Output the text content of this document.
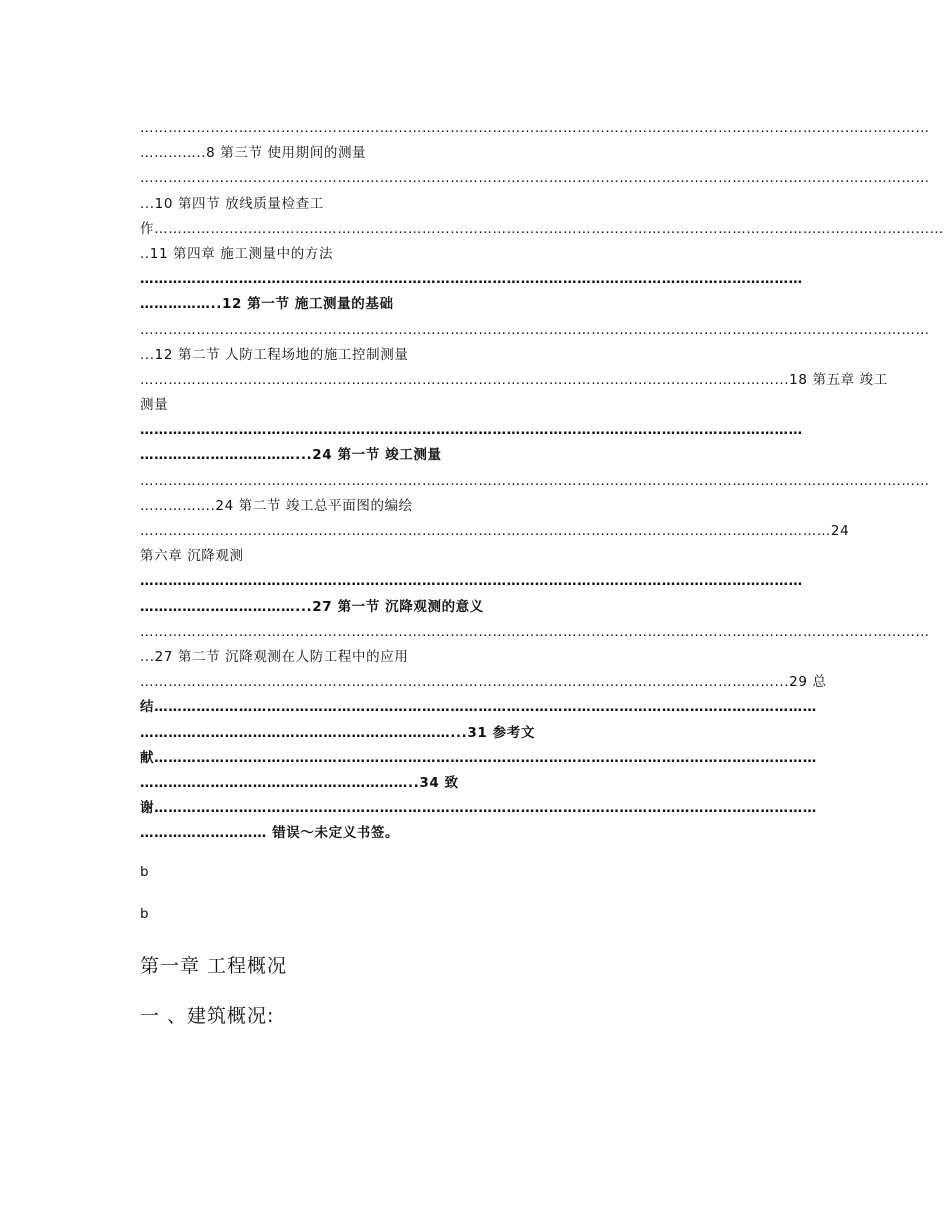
……………………………………………………………………………………………………………………………………………………
…………..8 第三节 使用期间的测量
……………………………………………………………………………………………………………………………………………………
...10 第四节 放线质量检查工
作……………………………………………………………………………………………………………………………………………………
..11 第四章 施工测量中的方法
……………………………………………………………………………………………………………………………
……………..12 第一节 施工测量的基础
……………………………………………………………………………………………………………………………………………………
...12 第二节 人防工程场地的施工控制测量
………………………………………………………………………………………………………………………...18 第五章 竣工
测量
……………………………………………………………………………………………………………………………
……………………………...24 第一节 竣工测量
……………………………………………………………………………………………………………………………………………………
…………….24 第二节 竣工总平面图的编绘
…………………………………………………………………………………………………………………………………24
第六章 沉降观测
……………………………………………………………………………………………………………………………
……………………………...27 第一节 沉降观测的意义
……………………………………………………………………………………………………………………………………………………
...27 第二节 沉降观测在人防工程中的应用
………………………………………………………………………………………………………………………...29 总
结……………………………………………………………………………………………………………………………
…………………………………………………………...31 参考文
献……………………………………………………………………………………………………………………………
…………………………………………………..34 致
谢……………………………………………………………………………………………………………………………
……………………… 错误～未定义书签。
b
b
第一章 工程概况
一 、建筑概况:
